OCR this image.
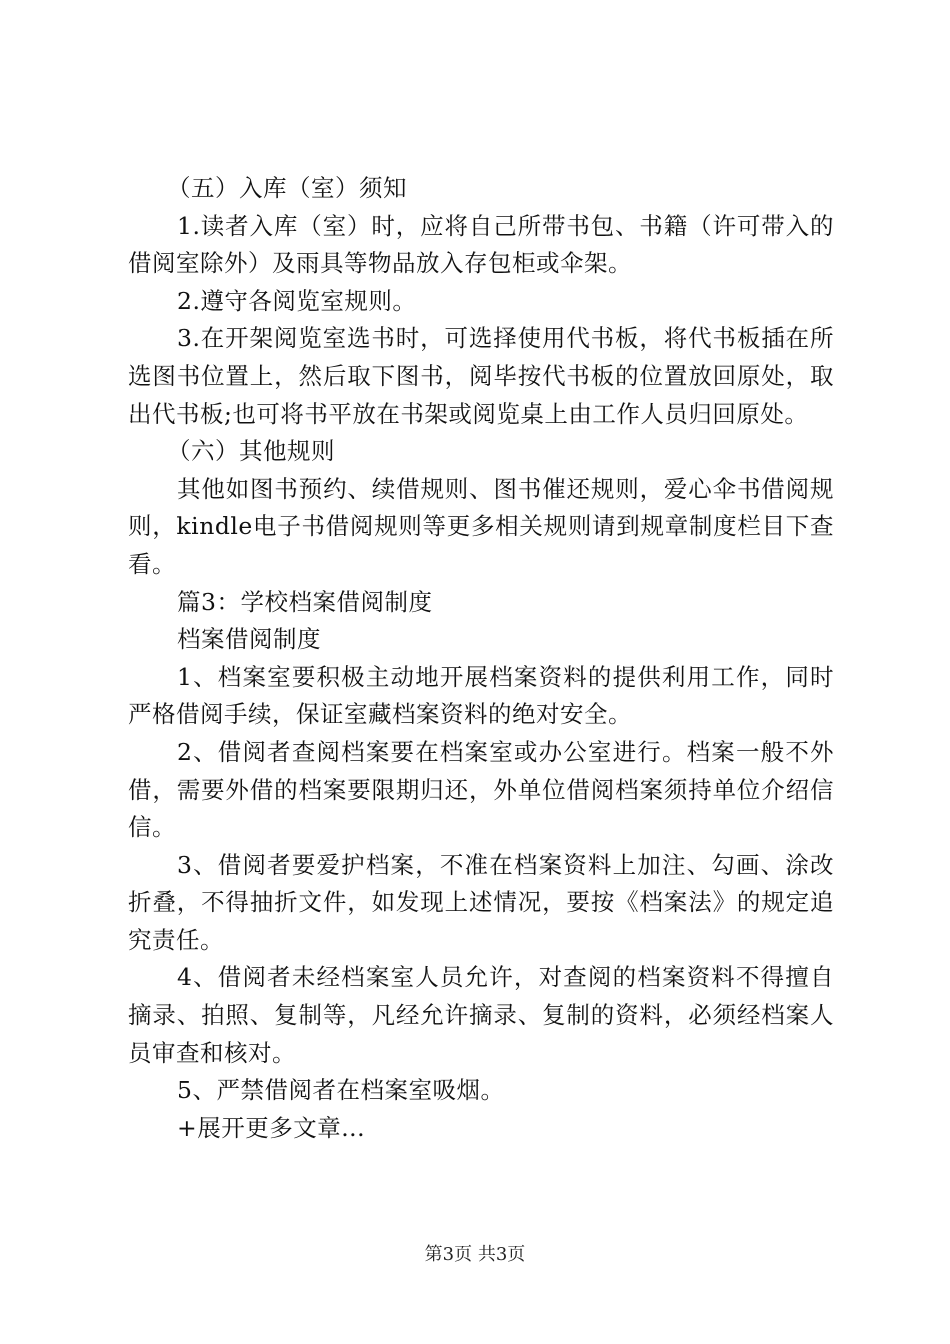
（五）入库（室）须知

1.读者入库（室）时，应将自己所带书包、书籍（许可带入的借阅室除外）及雨具等物品放入存包柜或伞架。

2.遵守各阅览室规则。

3.在开架阅览室选书时，可选择使用代书板，将代书板插在所选图书位置上，然后取下图书，阅毕按代书板的位置放回原处，取出代书板;也可将书平放在书架或阅览桌上由工作人员归回原处。

（六）其他规则

其他如图书预约、续借规则、图书催还规则，爱心伞书借阅规则，kindle电子书借阅规则等更多相关规则请到规章制度栏目下查看。

篇3：学校档案借阅制度

档案借阅制度

1、档案室要积极主动地开展档案资料的提供利用工作，同时严格借阅手续，保证室藏档案资料的绝对安全。

2、借阅者查阅档案要在档案室或办公室进行。档案一般不外借，需要外借的档案要限期归还，外单位借阅档案须持单位介绍信信。

3、借阅者要爱护档案，不准在档案资料上加注、勾画、涂改折叠，不得抽折文件，如发现上述情况，要按《档案法》的规定追究责任。

4、借阅者未经档案室人员允许，对查阅的档案资料不得擅自摘录、拍照、复制等，凡经允许摘录、复制的资料，必须经档案人员审查和核对。

5、严禁借阅者在档案室吸烟。

+展开更多文章...

第3页 共3页
